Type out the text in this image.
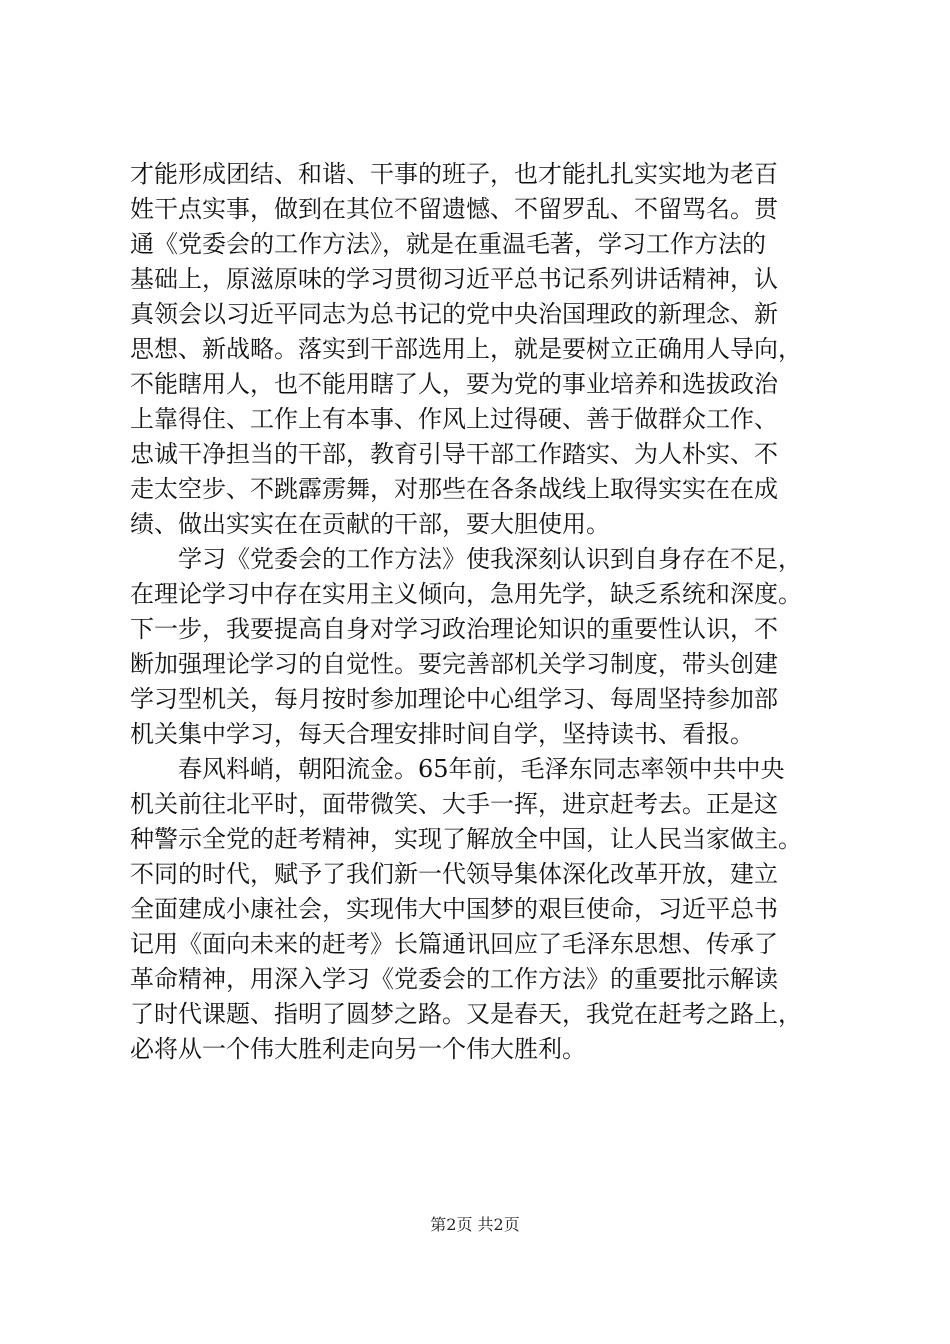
才能形成团结、和谐、干事的班子，也才能扎扎实实地为老百
姓干点实事，做到在其位不留遗憾、不留罗乱、不留骂名。贯
通《党委会的工作方法》，就是在重温毛著，学习工作方法的
基础上，原滋原味的学习贯彻习近平总书记系列讲话精神，认
真领会以习近平同志为总书记的党中央治国理政的新理念、新
思想、新战略。落实到干部选用上，就是要树立正确用人导向，
不能瞎用人，也不能用瞎了人，要为党的事业培养和选拔政治
上靠得住、工作上有本事、作风上过得硬、善于做群众工作、
忠诚干净担当的干部，教育引导干部工作踏实、为人朴实、不
走太空步、不跳霹雳舞，对那些在各条战线上取得实实在在成
绩、做出实实在在贡献的干部，要大胆使用。
学习《党委会的工作方法》使我深刻认识到自身存在不足，
在理论学习中存在实用主义倾向，急用先学，缺乏系统和深度。
下一步，我要提高自身对学习政治理论知识的重要性认识，不
断加强理论学习的自觉性。要完善部机关学习制度，带头创建
学习型机关，每月按时参加理论中心组学习、每周坚持参加部
机关集中学习，每天合理安排时间自学，坚持读书、看报。
春风料峭，朝阳流金。65年前，毛泽东同志率领中共中央
机关前往北平时，面带微笑、大手一挥，进京赶考去。正是这
种警示全党的赶考精神，实现了解放全中国，让人民当家做主。
不同的时代，赋予了我们新一代领导集体深化改革开放，建立
全面建成小康社会，实现伟大中国梦的艰巨使命，习近平总书
记用《面向未来的赶考》长篇通讯回应了毛泽东思想、传承了
革命精神，用深入学习《党委会的工作方法》的重要批示解读
了时代课题、指明了圆梦之路。又是春天，我党在赶考之路上，
必将从一个伟大胜利走向另一个伟大胜利。
第2页 共2页
